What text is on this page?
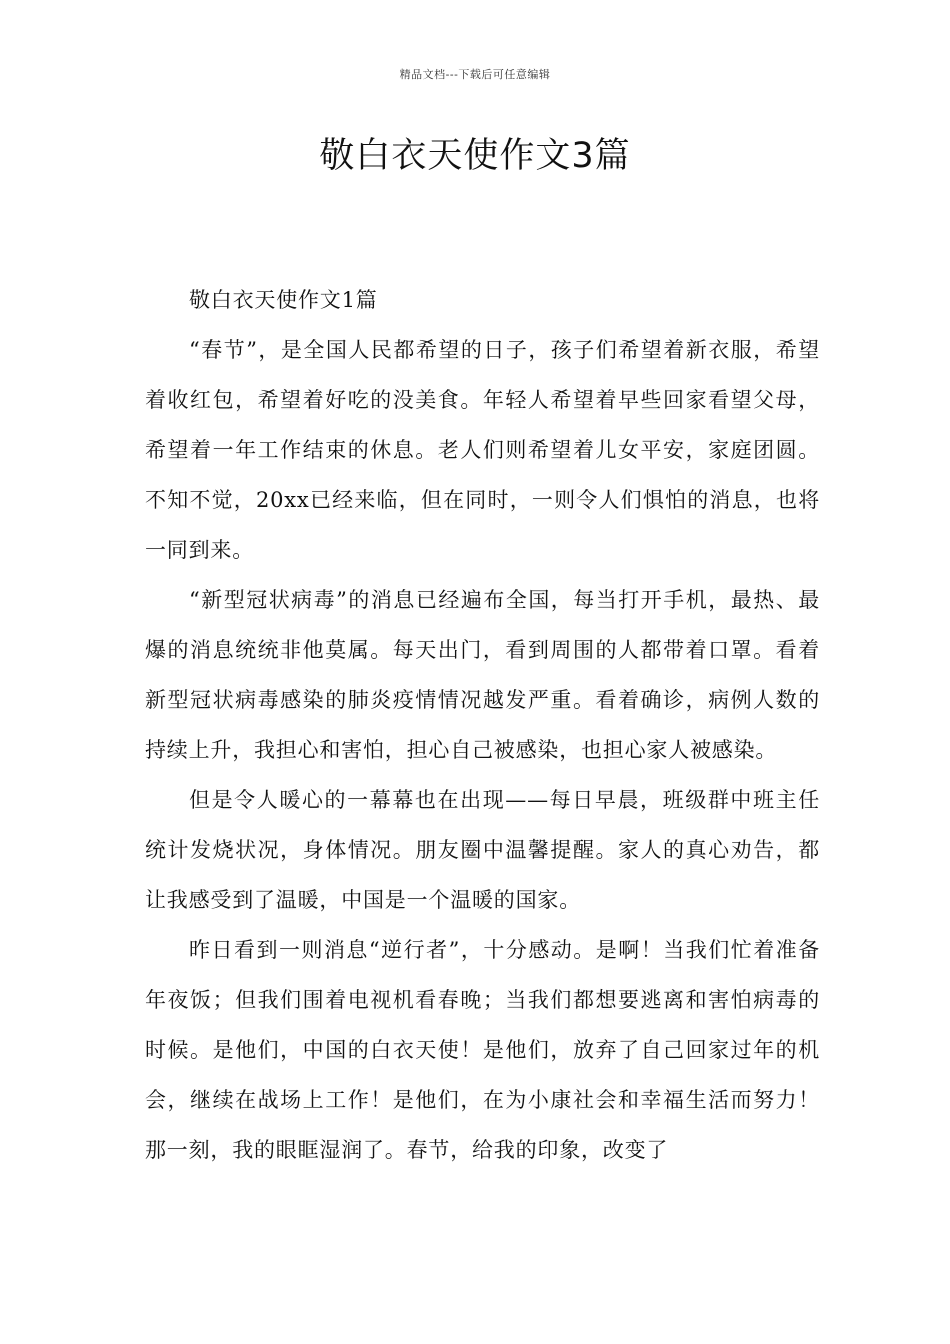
精品文档---下载后可任意编辑
敬白衣天使作文3篇
敬白衣天使作文1篇

“春节”，是全国人民都希望的日子，孩子们希望着新衣服，希望着收红包，希望着好吃的没美食。年轻人希望着早些回家看望父母，希望着一年工作结束的休息。老人们则希望着儿女平安，家庭团圆。不知不觉，20xx已经来临，但在同时，一则令人们惧怕的消息，也将一同到来。

“新型冠状病毒”的消息已经遍布全国，每当打开手机，最热、最爆的消息统统非他莫属。每天出门，看到周围的人都带着口罩。看着新型冠状病毒感染的肺炎疫情情况越发严重。看着确诊，病例人数的持续上升，我担心和害怕，担心自己被感染，也担心家人被感染。

但是令人暖心的一幕幕也在出现——每日早晨，班级群中班主任统计发烧状况，身体情况。朋友圈中温馨提醒。家人的真心劝告，都让我感受到了温暖，中国是一个温暖的国家。

昨日看到一则消息“逆行者”，十分感动。是啊！当我们忙着准备年夜饭；但我们围着电视机看春晚；当我们都想要逃离和害怕病毒的时候。是他们，中国的白衣天使！是他们，放弃了自己回家过年的机会，继续在战场上工作！是他们，在为小康社会和幸福生活而努力！那一刻，我的眼眶湿润了。春节，给我的印象，改变了
